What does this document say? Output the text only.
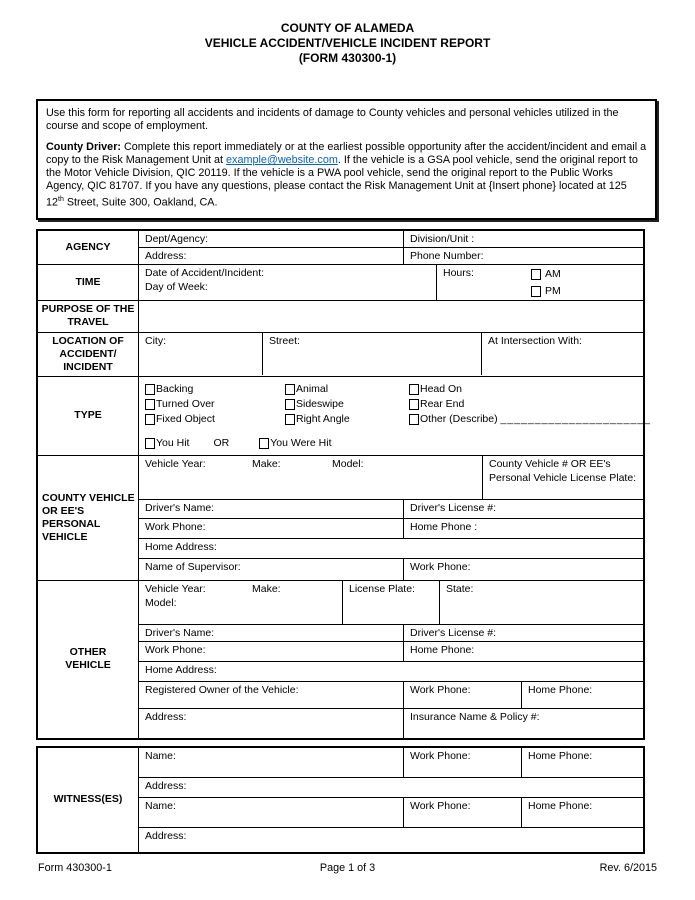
COUNTY OF ALAMEDA
VEHICLE ACCIDENT/VEHICLE INCIDENT REPORT
(FORM 430300-1)

Use this form for reporting all accidents and incidents of damage to County vehicles and personal vehicles utilized in the course and scope of employment.

County Driver: Complete this report immediately or at the earliest possible opportunity after the accident/incident and email a copy to the Risk Management Unit at example@website.com. If the vehicle is a GSA pool vehicle, send the original report to the Motor Vehicle Division, QIC 20119. If the vehicle is a PWA pool vehicle, send the original report to the Public Works Agency, QIC 81707. If you have any questions, please contact the Risk Management Unit at {Insert phone} located at 125 12th Street, Suite 300, Oakland, CA.

AGENCY
Dept/Agency:	Division/Unit :
Address:	Phone Number:
TIME
Date of Accident/Incident:
Day of Week:
Hours:	AM
PM
PURPOSE OF THE
TRAVEL
LOCATION OF
ACCIDENT/
INCIDENT
City:	Street:	At Intersection With:
TYPE
Backing	Animal	Head On
Turned Over	Sideswipe	Rear End
Fixed Object	Right Angle	Other (Describe)
______________________
You Hit OR	You Were Hit
COUNTY VEHICLE
OR EE'S
PERSONAL
VEHICLE
Vehicle Year:	Make:	Model:	County Vehicle # OR EE's Personal Vehicle License Plate:
Driver's Name:	Driver's License #:
Work Phone:	Home Phone :
Home Address:
Name of Supervisor:	Work Phone:
OTHER
VEHICLE
Vehicle Year:	Make:Model:
License Plate:	State:
Driver's Name:	Driver's License #:
Work Phone:	Home Phone:
Home Address:
Registered Owner of the Vehicle:	Work Phone:	Home Phone:
Address:	Insurance Name & Policy #:
WITNESS(ES)
Name:	Work Phone:	Home Phone:
Address:
Name:	Work Phone:	Home Phone:
Address:
Form 430300-1	Page 1 of 3	Rev. 6/2015
